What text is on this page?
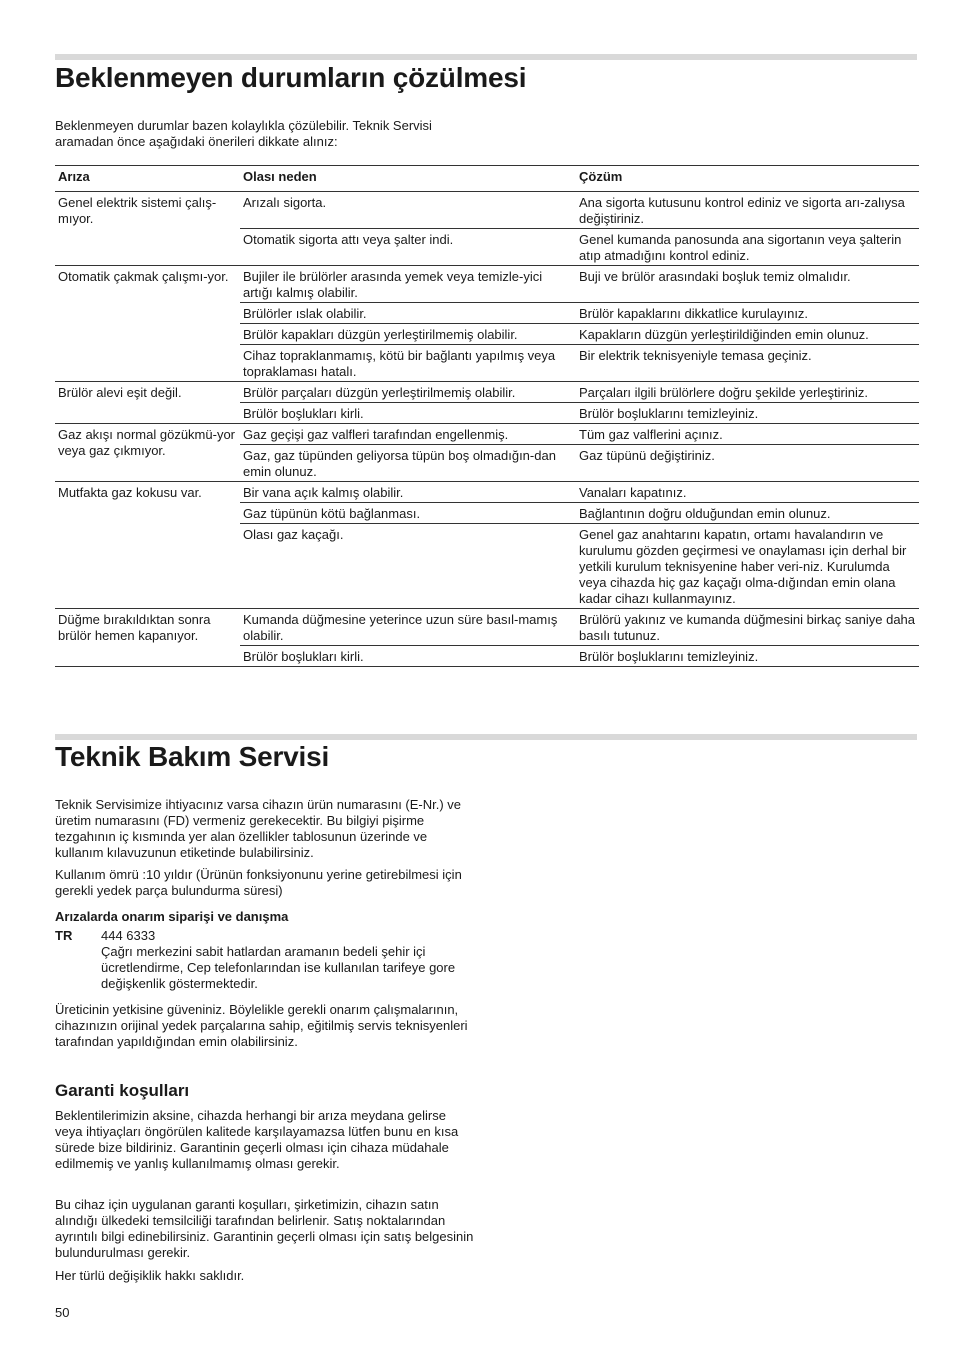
Beklenmeyen durumların çözülmesi
Beklenmeyen durumlar bazen kolaylıkla çözülebilir. Teknik Servisi aramadan önce aşağıdaki önerileri dikkate alınız:
Arıza	Olası neden	Çözüm
Genel elektrik sistemi çalış-mıyor.	Arızalı sigorta.	Ana sigorta kutusunu kontrol ediniz ve sigorta arı-zalıysa değiştiriniz.
	Otomatik sigorta attı veya şalter indi.	Genel kumanda panosunda ana sigortanın veya şalterin atıp atmadığını kontrol ediniz.
Otomatik çakmak çalışmı-yor.	Bujiler ile brülörler arasında yemek veya temizle-yici artığı kalmış olabilir.	Buji ve brülör arasındaki boşluk temiz olmalıdır.
	Brülörler ıslak olabilir.	Brülör kapaklarını dikkatlice kurulayınız.
	Brülör kapakları düzgün yerleştirilmemiş olabilir.	Kapakların düzgün yerleştirildiğinden emin olunuz.
	Cihaz topraklanmamış, kötü bir bağlantı yapılmış veya topraklaması hatalı.	Bir elektrik teknisyeniyle temasa geçiniz.
Brülör alevi eşit değil.	Brülör parçaları düzgün yerleştirilmemiş olabilir.	Parçaları ilgili brülörlere doğru şekilde yerleştiriniz.
	Brülör boşlukları kirli.	Brülör boşluklarını temizleyiniz.
Gaz akışı normal gözükmü-yor veya gaz çıkmıyor.	Gaz geçişi gaz valfleri tarafından engellenmiş.	Tüm gaz valflerini açınız.
	Gaz, gaz tüpünden geliyorsa tüpün boş olmadığın-dan emin olunuz.	Gaz tüpünü değiştiriniz.
Mutfakta gaz kokusu var.	Bir vana açık kalmış olabilir.	Vanaları kapatınız.
	Gaz tüpünün kötü bağlanması.	Bağlantının doğru olduğundan emin olunuz.
	Olası gaz kaçağı.	Genel gaz anahtarını kapatın, ortamı havalandırın ve kurulumu gözden geçirmesi ve onaylaması için derhal bir yetkili kurulum teknisyenine haber veri-niz. Kurulumda veya cihazda hiç gaz kaçağı olma-dığından emin olana kadar cihazı kullanmayınız.
Düğme bırakıldıktan sonra brülör hemen kapanıyor.	Kumanda düğmesine yeterince uzun süre basıl-mamış olabilir.	Brülörü yakınız ve kumanda düğmesini birkaç saniye daha basılı tutunuz.
	Brülör boşlukları kirli.	Brülör boşluklarını temizleyiniz.
Teknik Bakım Servisi
Teknik Servisimize ihtiyacınız varsa cihazın ürün numarasını (E-Nr.) ve üretim numarasını (FD) vermeniz gerekecektir. Bu bilgiyi pişirme tezgahının iç kısmında yer alan özellikler tablosunun üzerinde ve kullanım kılavuzunun etiketinde bulabilirsiniz.
Kullanım ömrü :10 yıldır (Ürünün fonksiyonunu yerine getirebilmesi için gerekli yedek parça bulundurma süresi)
Arızalarda onarım siparişi ve danışma
TR 444 6333
Çağrı merkezini sabit hatlardan aramanın bedeli şehir içi ücretlendirme, Cep telefonlarından ise kullanılan tarifeye gore değişkenlik göstermektedir.
Üreticinin yetkisine güveniniz. Böylelikle gerekli onarım çalışmalarının, cihazınızın orijinal yedek parçalarına sahip, eğitilmiş servis teknisyenleri tarafından yapıldığından emin olabilirsiniz.
Garanti koşulları
Beklentilerimizin aksine, cihazda herhangi bir arıza meydana gelirse veya ihtiyaçları öngörülen kalitede karşılayamazsa lütfen bunu en kısa sürede bize bildiriniz. Garantinin geçerli olması için cihaza müdahale edilmemiş ve yanlış kullanılmamış olması gerekir.
Bu cihaz için uygulanan garanti koşulları, şirketimizin, cihazın satın alındığı ülkedeki temsilciliği tarafından belirlenir. Satış noktalarından ayrıntılı bilgi edinebilirsiniz. Garantinin geçerli olması için satış belgesinin bulundurulması gerekir.
Her türlü değişiklik hakkı saklıdır.
50
